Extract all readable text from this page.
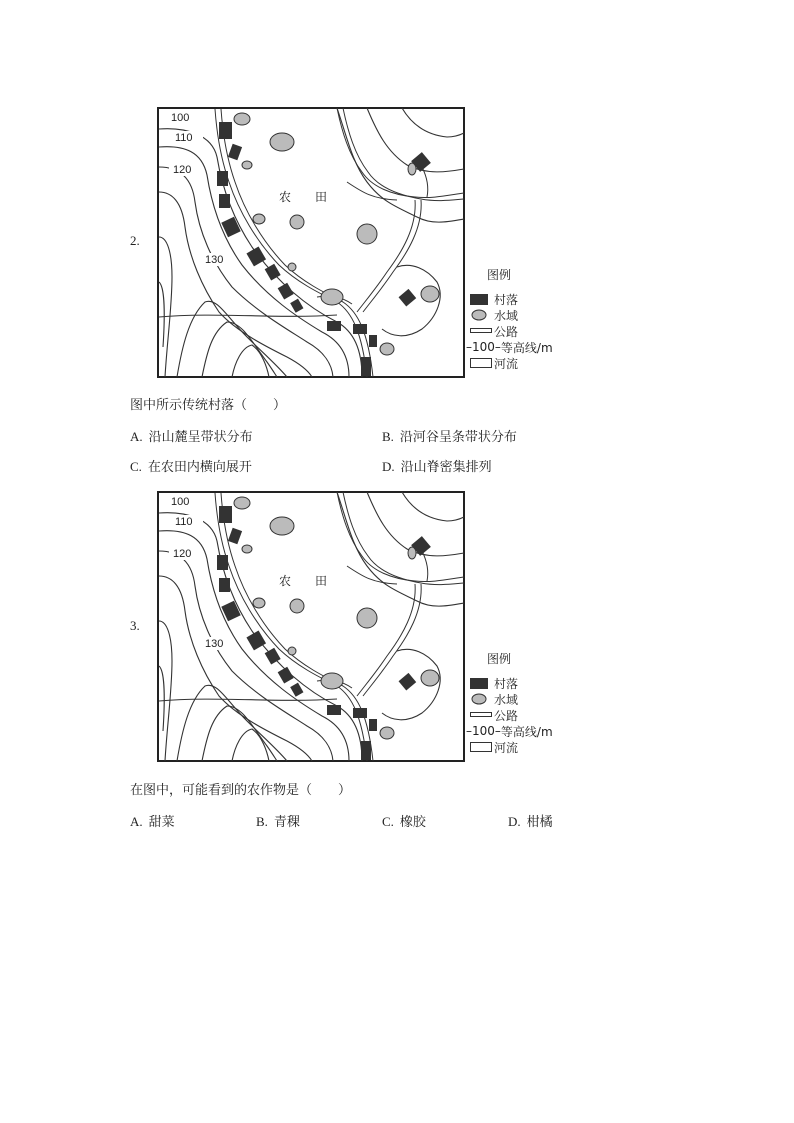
2.
100
110
120
130
农　　田
图例
村落
水域
公路
– 100 – 等高线/m
河流
图中所示传统村落（　　）
A. 沿山麓呈带状分布	B. 沿河谷呈条带状分布
C. 在农田内横向展开	D. 沿山脊密集排列
3.
100
110
120
130
农　　田
图例
村落
水域
公路
– 100 – 等高线/m
河流
在图中，可能看到的农作物是（　　）
A. 甜菜	B. 青稞	C. 橡胶	D. 柑橘
